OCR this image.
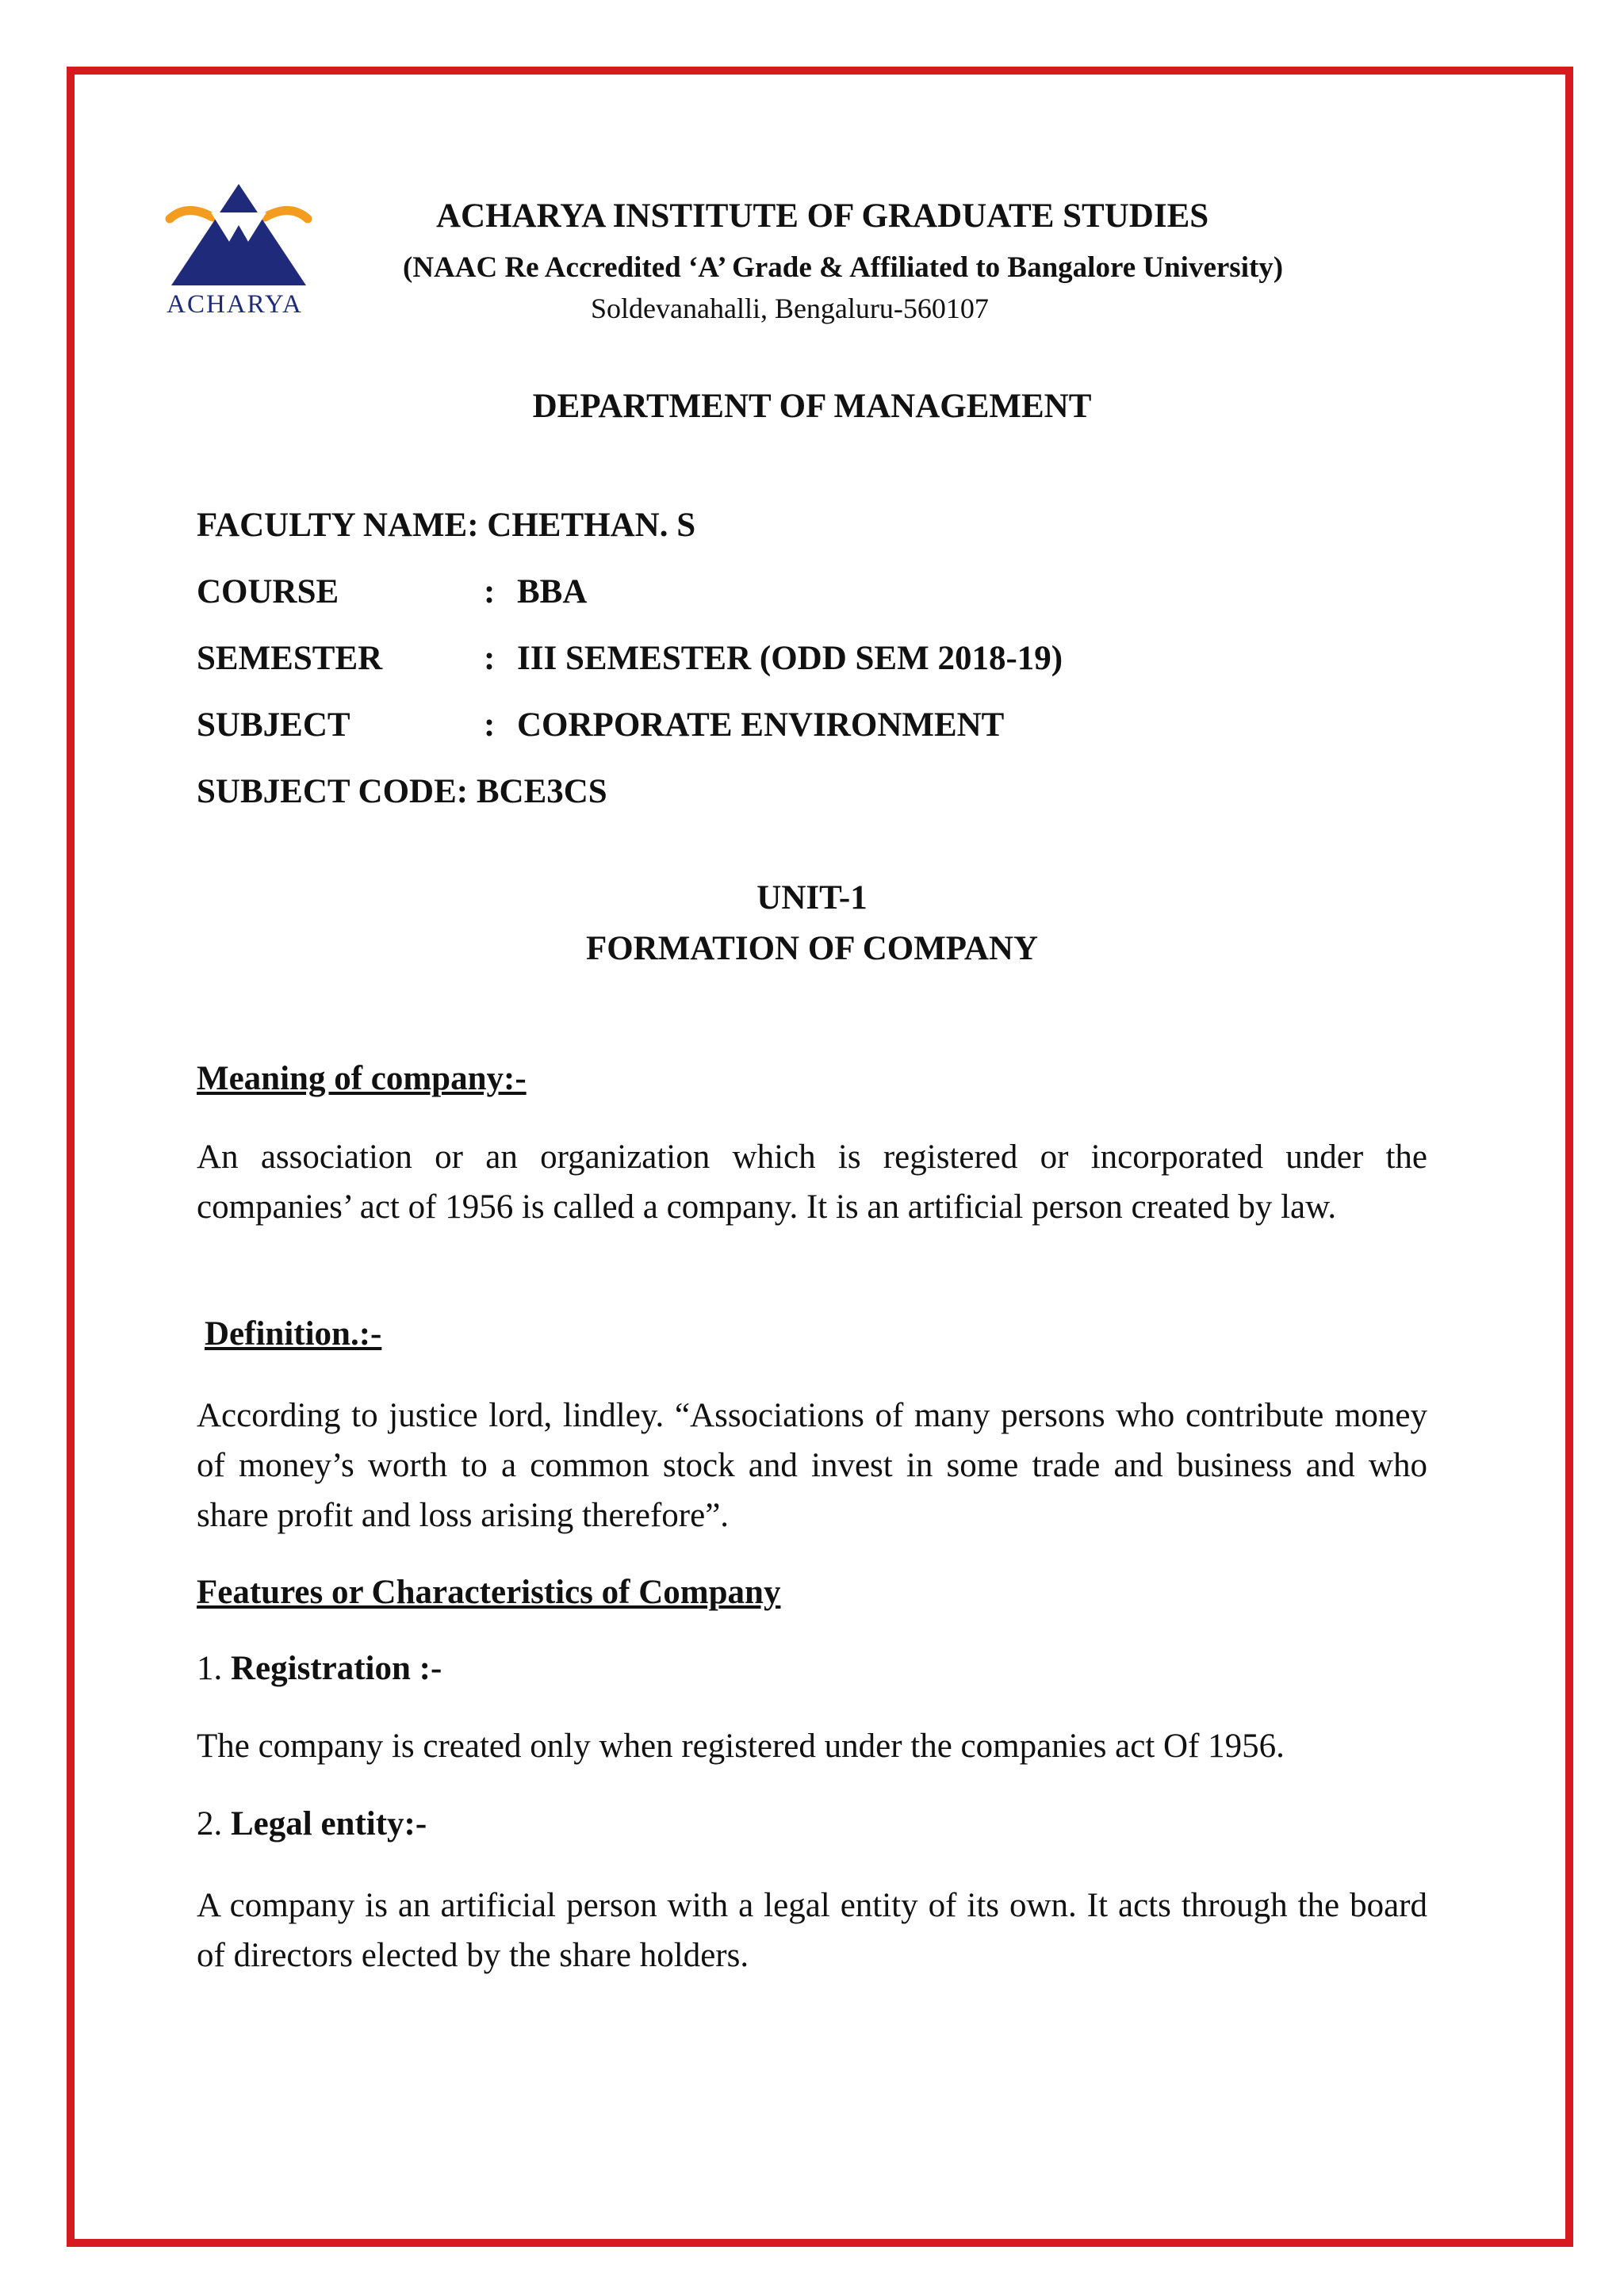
ACHARYA
ACHARYA INSTITUTE OF GRADUATE STUDIES
(NAAC Re Accredited ‘A’ Grade & Affiliated to Bangalore University)
Soldevanahalli, Bengaluru-560107
DEPARTMENT OF MANAGEMENT
FACULTY NAME: CHETHAN. S
COURSE	: BBA
SEMESTER	: III SEMESTER (ODD SEM 2018-19)
SUBJECT	: CORPORATE ENVIRONMENT
SUBJECT CODE: BCE3CS
UNIT-1
FORMATION OF COMPANY
Meaning of company:-
An association or an organization which is registered or incorporated under the companies’ act of 1956 is called a company. It is an artificial person created by law.
Definition.:-
According to justice lord, lindley. “Associations of many persons who contribute money of money’s worth to a common stock and invest in some trade and business and who share profit and loss arising therefore”.
Features or Characteristics of Company
1. Registration :-
The company is created only when registered under the companies act Of 1956.
2. Legal entity:-
A company is an artificial person with a legal entity of its own. It acts through the board of directors elected by the share holders.
